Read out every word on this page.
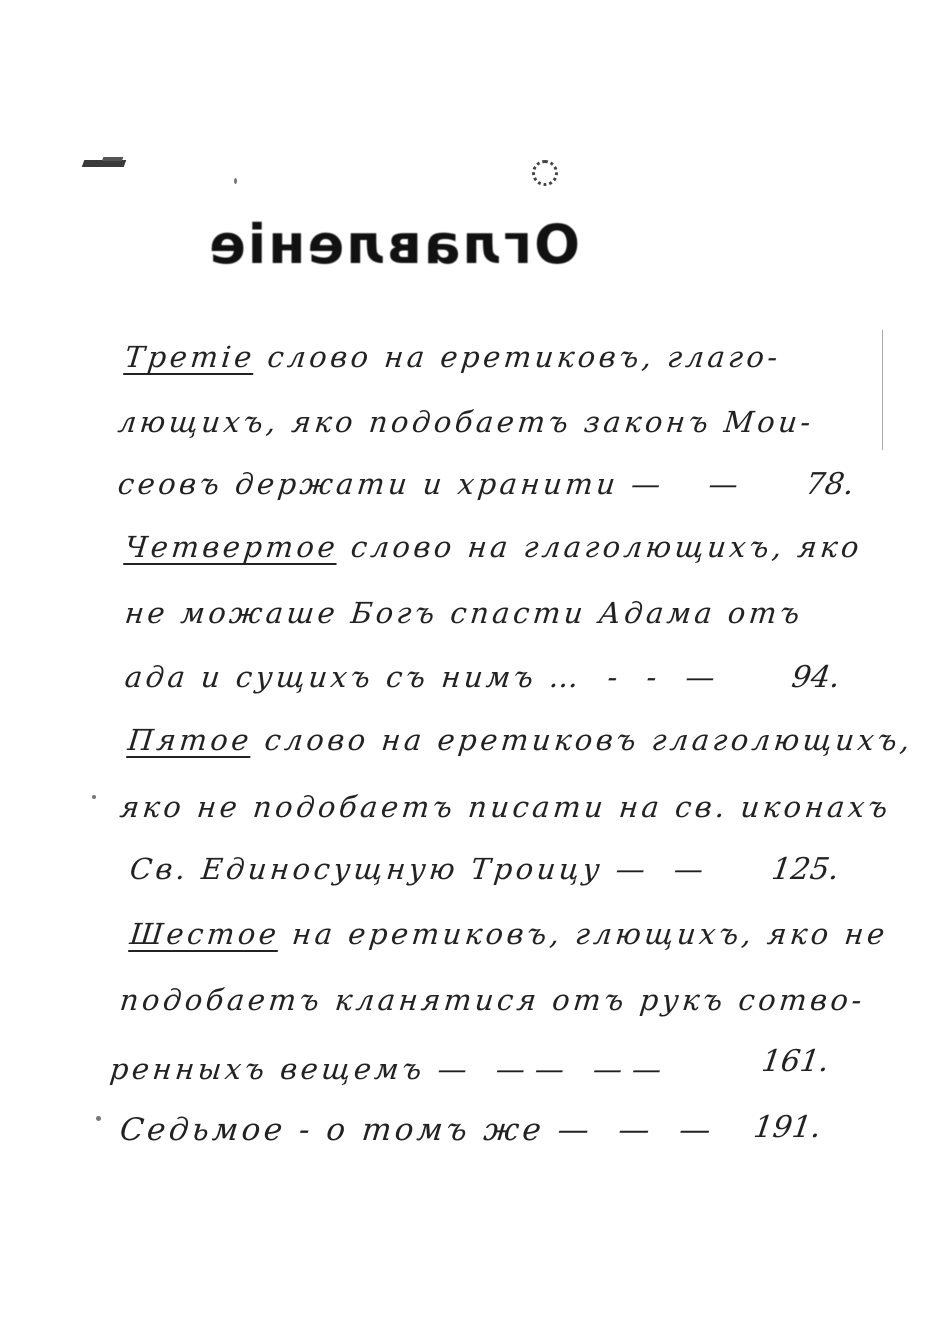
Оглавленіе
Третіе слово на еретиковъ, глаго-
лющихъ, яко подобаетъ законъ Мои-
сеовъ держати и хранити —  — 78.
Четвертое слово на глаголющихъ, яко
не можаше Богъ спасти Адама отъ
ада и сущихъ съ нимъ … - - — 94.
Пятое слово на еретиковъ глаголющихъ,
яко не подобаетъ писати на св. иконахъ
Св. Единосущную Троицу — — 125.
Шестое на еретиковъ, глющихъ, яко не
подобаетъ кланятися отъ рукъ сотво-
ренныхъ вещемъ — —— ——	161.
Седьмое - о томъ же — — — 191.
